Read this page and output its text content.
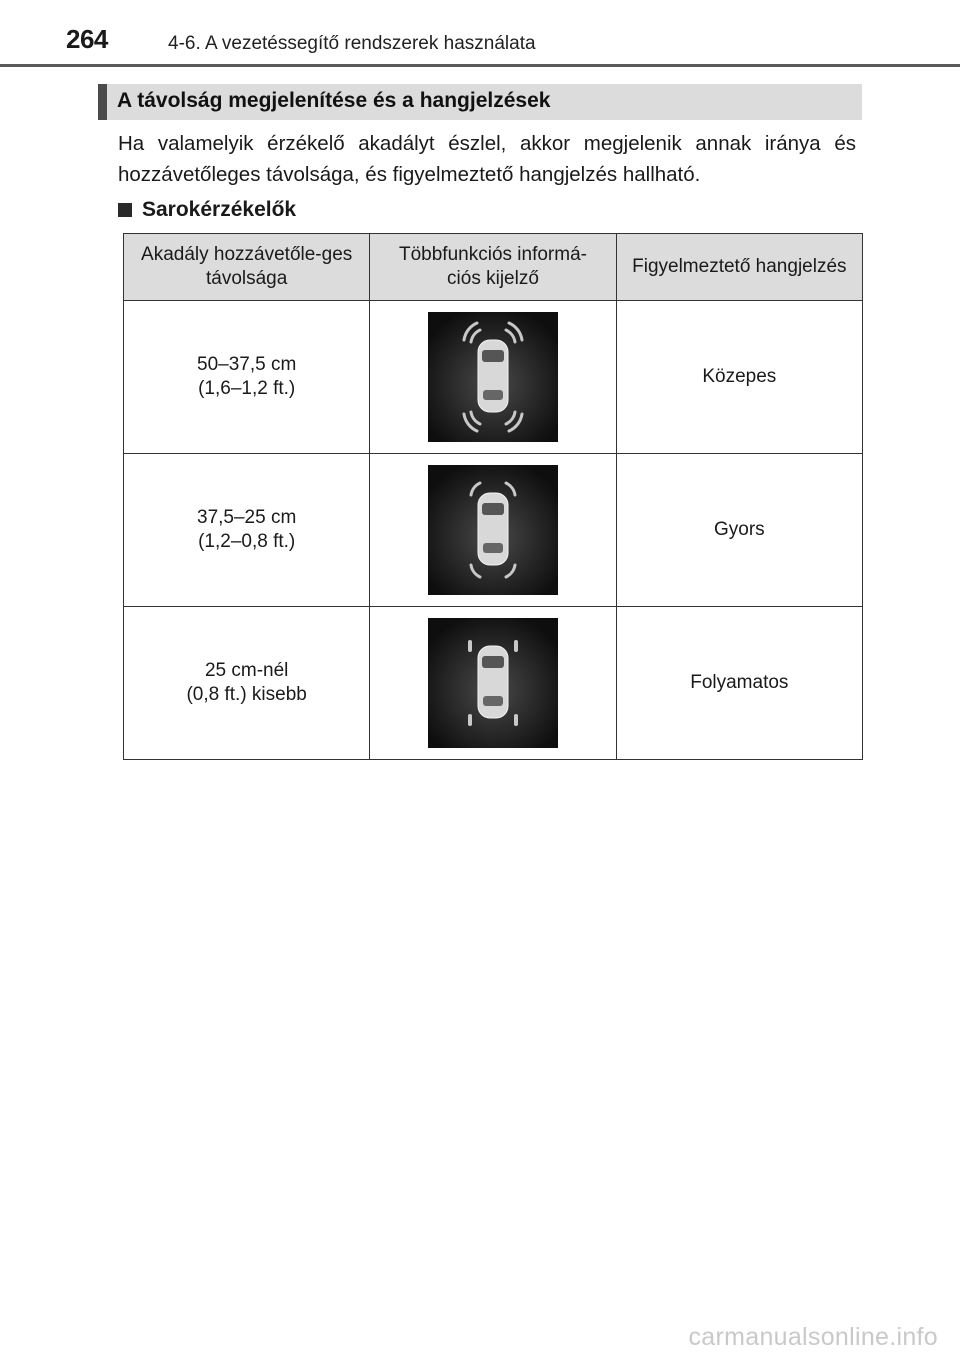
264	4-6. A vezetéssegítő rendszerek használata
A távolság megjelenítése és a hangjelzések
Ha valamelyik érzékelő akadályt észlel, akkor megjelenik annak iránya és hozzávetőleges távolsága, és figyelmeztető hangjelzés hallható.
Sarokérzékelők
Akadály hozzávetőle-ges távolsága	Többfunkciós informá-ciós kijelző	Figyelmeztető hangjelzés

50–37,5 cm
(1,6–1,2 ft.)		Közepes

37,5–25 cm
(1,2–0,8 ft.)		Gyors

25 cm-nél
(0,8 ft.) kisebb		Folyamatos
carmanualsonline.info
